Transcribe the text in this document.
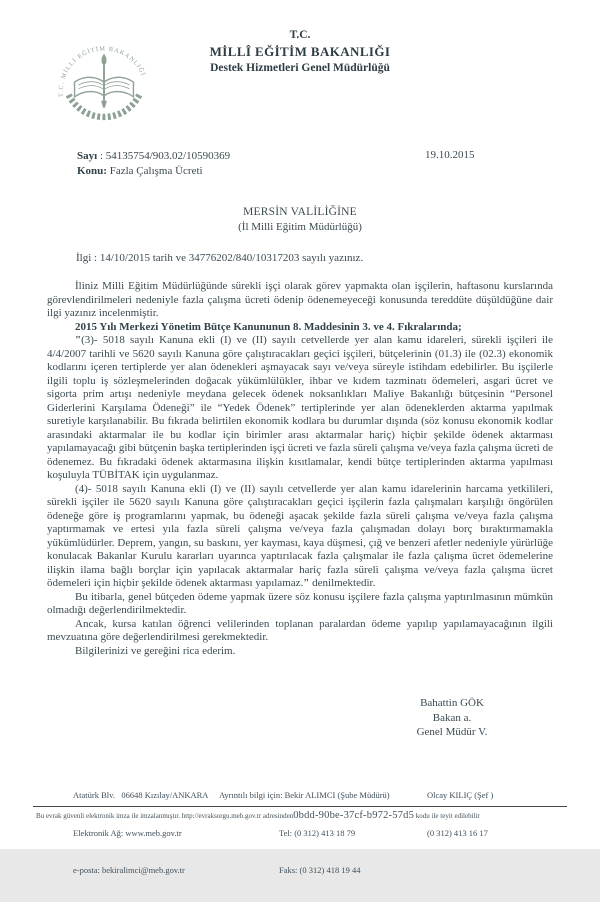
T.C. MİLLİ EĞİTİM BAKANLIĞI
T.C.
MİLLÎ EĞİTİM BAKANLIĞI
Destek Hizmetleri Genel Müdürlüğü
Sayı : 54135754/903.02/10590369
Konu: Fazla Çalışma Ücreti
19.10.2015
MERSİN VALİLİĞİNE
(İl Milli Eğitim Müdürlüğü)
İlgi : 14/10/2015 tarih ve 34776202/840/10317203 sayılı yazınız.

İliniz Milli Eğitim Müdürlüğünde sürekli işçi olarak görev yapmakta olan işçilerin, haftasonu kurslarında görevlendirilmeleri nedeniyle fazla çalışma ücreti ödenip ödenemeyeceği konusunda tereddüte düşüldüğüne dair ilgi yazınız incelenmiştir.

2015 Yılı Merkezi Yönetim Bütçe Kanununun 8. Maddesinin 3. ve 4. Fıkralarında;

"(3)- 5018 sayılı Kanuna ekli (I) ve (II) sayılı cetvellerde yer alan kamu idareleri, sürekli işçileri ile 4/4/2007 tarihli ve 5620 sayılı Kanuna göre çalıştıracakları geçici işçileri, bütçelerinin (01.3) ile (02.3) ekonomik kodlarını içeren tertiplerde yer alan ödenekleri aşmayacak sayı ve/veya süreyle istihdam edebilirler. Bu işçilerle ilgili toplu iş sözleşmelerinden doğacak yükümlülükler, ihbar ve kıdem tazminatı ödemeleri, asgari ücret ve sigorta prim artışı nedeniyle meydana gelecek ödenek noksanlıkları Maliye Bakanlığı bütçesinin “Personel Giderlerini Karşılama Ödeneği” ile “Yedek Ödenek” tertiplerinde yer alan ödeneklerden aktarma yapılmak suretiyle karşılanabilir. Bu fıkrada belirtilen ekonomik kodlara bu durumlar dışında (söz konusu ekonomik kodlar arasındaki aktarmalar ile bu kodlar için birimler arası aktarmalar hariç) hiçbir şekilde ödenek aktarması yapılamayacağı gibi bütçenin başka tertiplerinden işçi ücreti ve fazla süreli çalışma ve/veya fazla çalışma ücreti de ödenemez. Bu fıkradaki ödenek aktarmasına ilişkin kısıtlamalar, kendi bütçe tertiplerinden aktarma yapılması koşuluyla TÜBİTAK için uygulanmaz.

(4)- 5018 sayılı Kanuna ekli (I) ve (II) sayılı cetvellerde yer alan kamu idarelerinin harcama yetkilileri, sürekli işçiler ile 5620 sayılı Kanuna göre çalıştıracakları geçici işçilerin fazla çalışmaları karşılığı öngörülen ödeneğe göre iş programlarını yapmak, bu ödeneği aşacak şekilde fazla süreli çalışma ve/veya fazla çalışma yaptırmamak ve ertesi yıla fazla süreli çalışma ve/veya fazla çalışmadan dolayı borç bıraktırmamakla yükümlüdürler. Deprem, yangın, su baskını, yer kayması, kaya düşmesi, çığ ve benzeri afetler nedeniyle yürürlüğe konulacak Bakanlar Kurulu kararları uyarınca yaptırılacak fazla çalışmalar ile fazla çalışma ücret ödemelerine ilişkin ilama bağlı borçlar için yapılacak aktarmalar hariç fazla süreli çalışma ve/veya fazla çalışma ücret ödemeleri için hiçbir şekilde ödenek aktarması yapılamaz." denilmektedir.

Bu itibarla, genel bütçeden ödeme yapmak üzere söz konusu işçilere fazla çalışma yaptırılmasının mümkün olmadığı değerlendirilmektedir.

Ancak, kursa katılan öğrenci velilerinden toplanan paralardan ödeme yapılıp yapılamayacağının ilgili mevzuatına göre değerlendirilmesi gerekmektedir.

Bilgilerinizi ve gereğini rica ederim.

Bahattin GÖK
Bakan a.
Genel Müdür V.

Atatürk Blv.   06648 Kızılay/ANKARA

Elektronik Ağ: www.meb.gov.tr

e-posta: bekiralimci@meb.gov.tr

Ayrıntılı bilgi için: Bekir ALIMCI (Şube Müdürü)

Tel: (0 312) 413 18 79

Faks: (0 312) 418 19 44

Olcay KILIÇ (Şef )

(0 312) 413 16 17

Bu evrak güvenli elektronik imza ile imzalanmıştır. http://evraksorgu.meb.gov.tr adresinden0bdd-90be-37cf-b972-57d5 kodu ile teyit edilebilir
